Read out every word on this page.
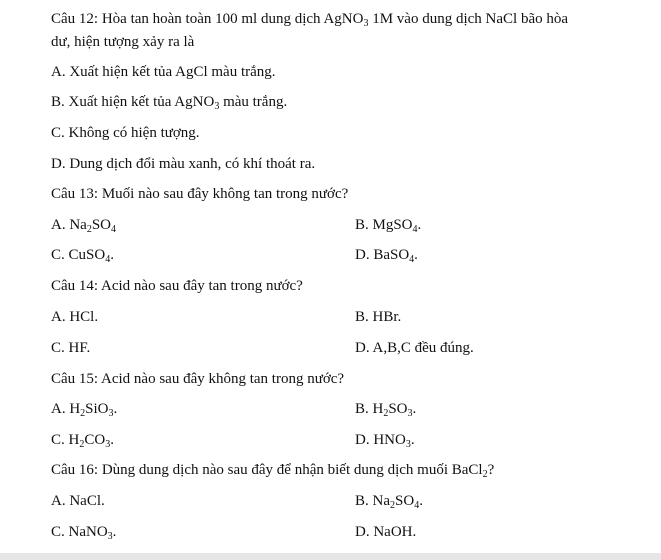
Câu 12: Hòa tan hoàn toàn 100 ml dung dịch AgNO$_3$ 1M vào dung dịch NaCl bão hòa
dư, hiện tượng xảy ra là
A. Xuất hiện kết tủa AgCl màu trắng.
B. Xuất hiện kết tủa AgNO$_3$ màu trắng.
C. Không có hiện tượng.
D. Dung dịch đổi màu xanh, có khí thoát ra.
Câu 13: Muối nào sau đây không tan trong nước?
A. $Na_2SO_4$	B. MgSO$_4$.
C. CuSO$_4$.	D. BaSO$_4$.
Câu 14: Acid nào sau đây tan trong nước?
A. HCl.	B. HBr.
C. HF.	D. A,B,C đều đúng.
Câu 15: Acid nào sau đây không tan trong nước?
A. $H_2SiO_3$.	B. $H_2SO_3$.
C. $H_2CO_3$.	D. $HNO_3$.
Câu 16: Dùng dung dịch nào sau đây để nhận biết dung dịch muối BaCl$_2$?
A. NaCl.	B. $Na_2SO_4$.
C. NaNO$_3$.	D. NaOH.
